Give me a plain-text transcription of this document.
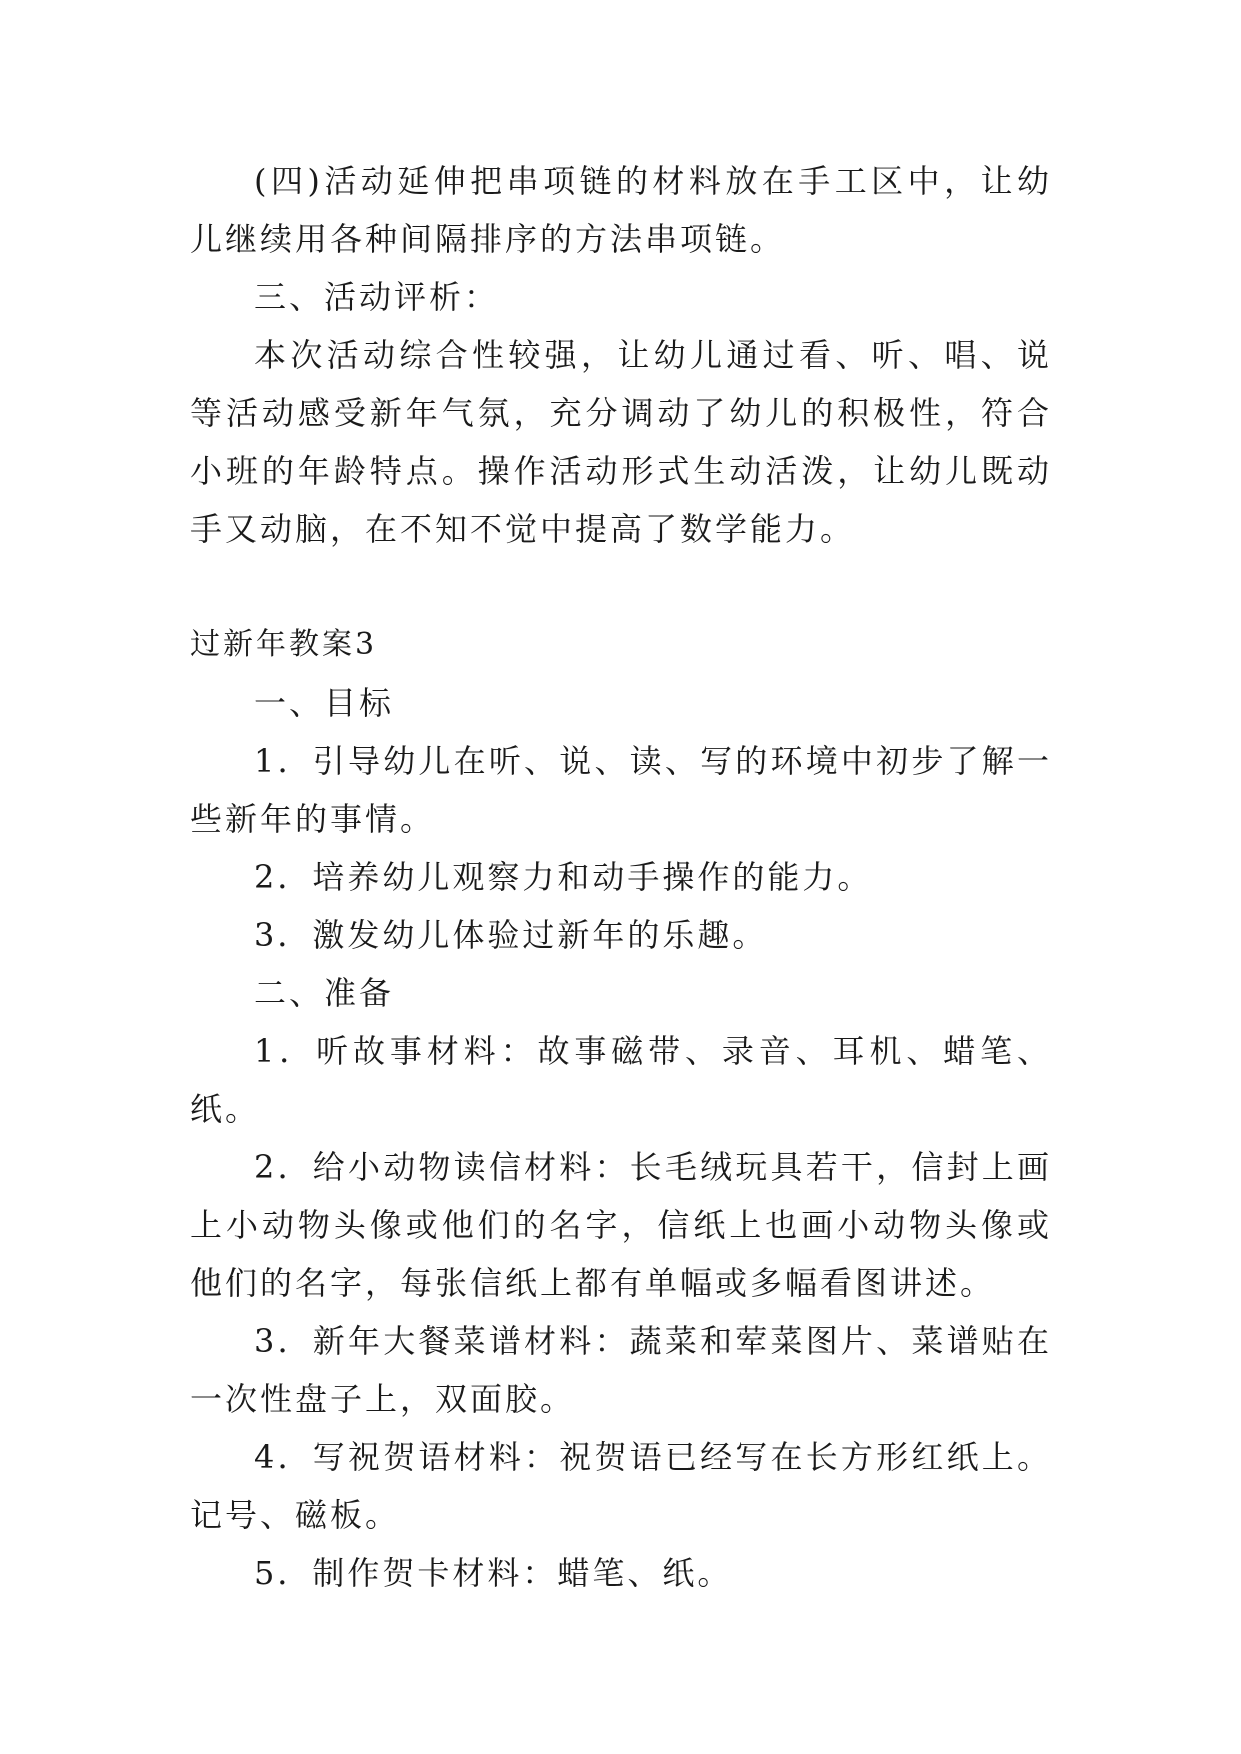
(四)活动延伸把串项链的材料放在手工区中，让幼儿继续用各种间隔排序的方法串项链。

三、活动评析：

本次活动综合性较强，让幼儿通过看、听、唱、说等活动感受新年气氛，充分调动了幼儿的积极性，符合小班的年龄特点。操作活动形式生动活泼，让幼儿既动手又动脑，在不知不觉中提高了数学能力。

过新年教案3

一、目标

1．引导幼儿在听、说、读、写的环境中初步了解一些新年的事情。

2．培养幼儿观察力和动手操作的能力。

3．激发幼儿体验过新年的乐趣。

二、准备

1．听故事材料：故事磁带、录音、耳机、蜡笔、纸。

2．给小动物读信材料：长毛绒玩具若干，信封上画上小动物头像或他们的名字，信纸上也画小动物头像或他们的名字，每张信纸上都有单幅或多幅看图讲述。

3．新年大餐菜谱材料：蔬菜和荤菜图片、菜谱贴在一次性盘子上，双面胶。

4．写祝贺语材料：祝贺语已经写在长方形红纸上。记号、磁板。

5．制作贺卡材料：蜡笔、纸。
